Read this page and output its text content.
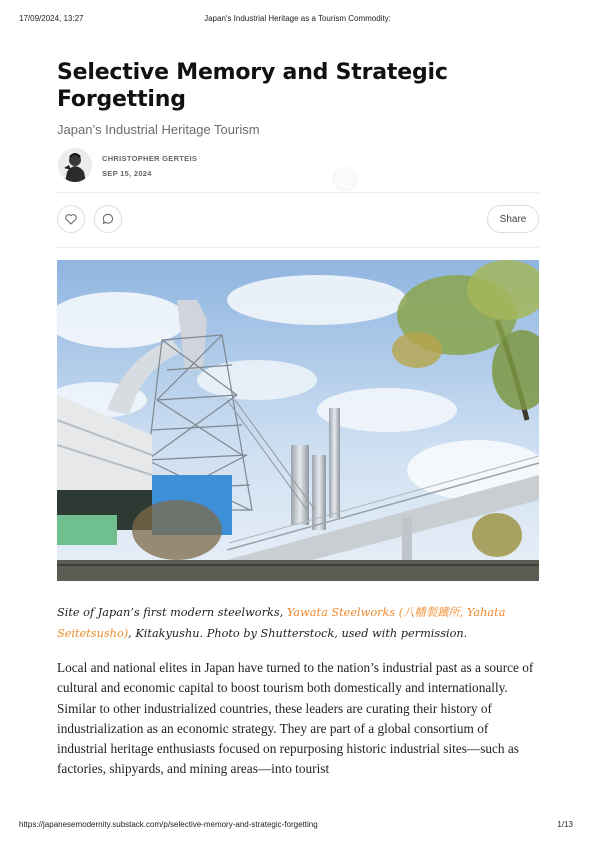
17/09/2024, 13:27	Japan's Industrial Heritage as a Tourism Commodity:
Selective Memory and Strategic Forgetting

Japan’s Industrial Heritage Tourism

CHRISTOPHER GERTEIS
SEP 15, 2024
Share

Site of Japan’s first modern steelworks, Yawata Steelworks (八幡製鐵所, Yahata Seitetsusho), Kitakyushu. Photo by Shutterstock, used with permission.

Local and national elites in Japan have turned to the nation’s industrial past as a source of cultural and economic capital to boost tourism both domestically and internationally. Similar to other industrialized countries, these leaders are curating their history of industrialization as an economic strategy. They are part of a global consortium of industrial heritage enthusiasts focused on repurposing historic industrial sites—such as factories, shipyards, and mining areas—into tourist

https://japanesemodernity.substack.com/p/selective-memory-and-strategic-forgetting	1/13
